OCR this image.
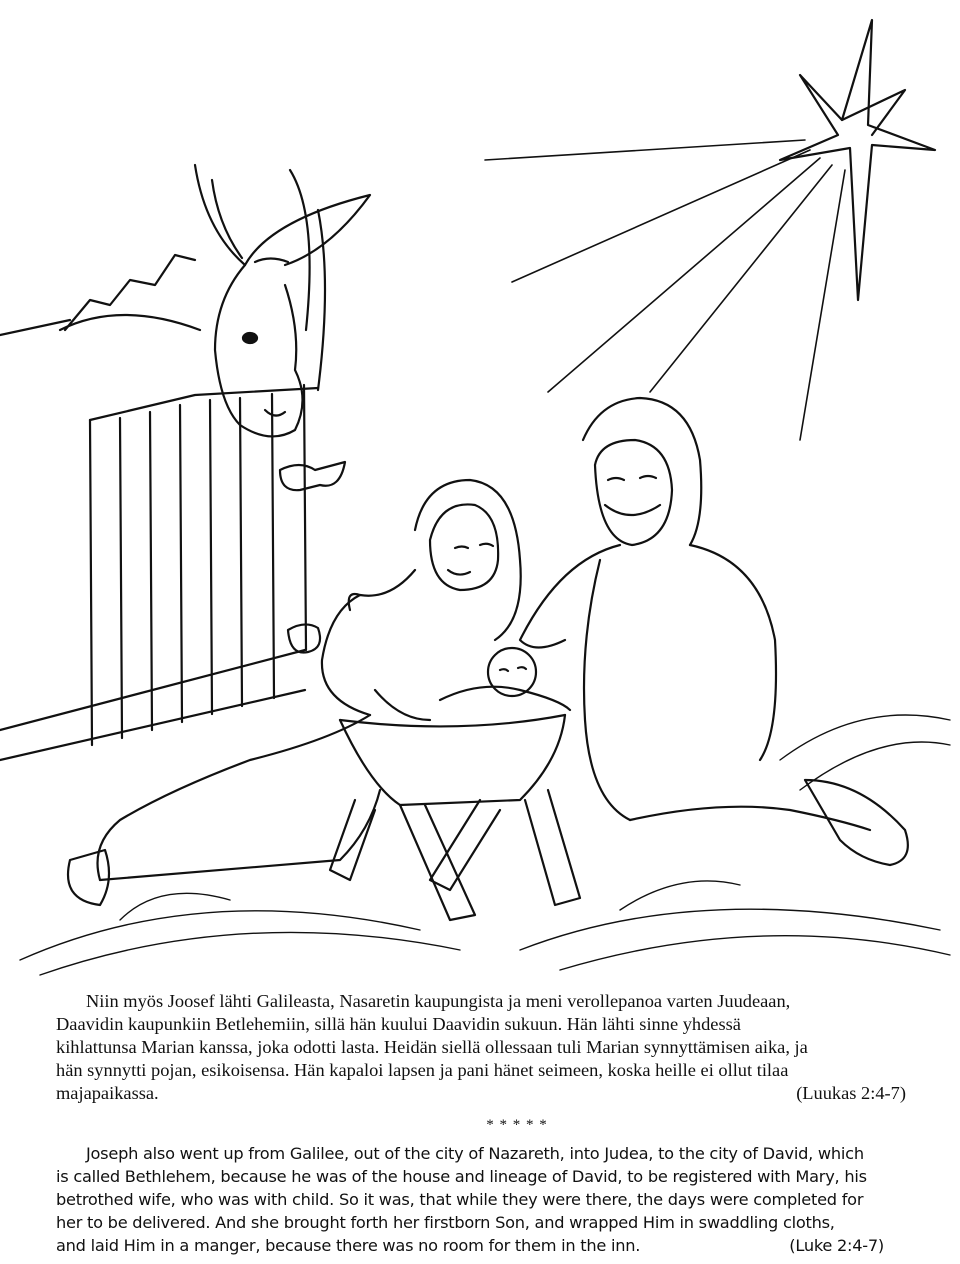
Niin myös Joosef lähti Galileasta, Nasaretin kaupungista ja meni verollepanoa varten Juudeaan,
Daavidin kaupunkiin Betlehemiin, sillä hän kuului Daavidin sukuun. Hän lähti sinne yhdessä
kihlattunsa Marian kanssa, joka odotti lasta. Heidän siellä ollessaan tuli Marian synnyttämisen aika, ja
hän synnytti pojan, esikoisensa. Hän kapaloi lapsen ja pani hänet seimeen, koska heille ei ollut tilaa
majapaikassa.	(Luukas 2:4-7)
* * * * *
Joseph also went up from Galilee, out of the city of Nazareth, into Judea, to the city of David, which
is called Bethlehem, because he was of the house and lineage of David, to be registered with Mary, his
betrothed wife, who was with child. So it was, that while they were there, the days were completed for
her to be delivered. And she brought forth her firstborn Son, and wrapped Him in swaddling cloths,
and laid Him in a manger, because there was no room for them in the inn.	(Luke 2:4-7)
